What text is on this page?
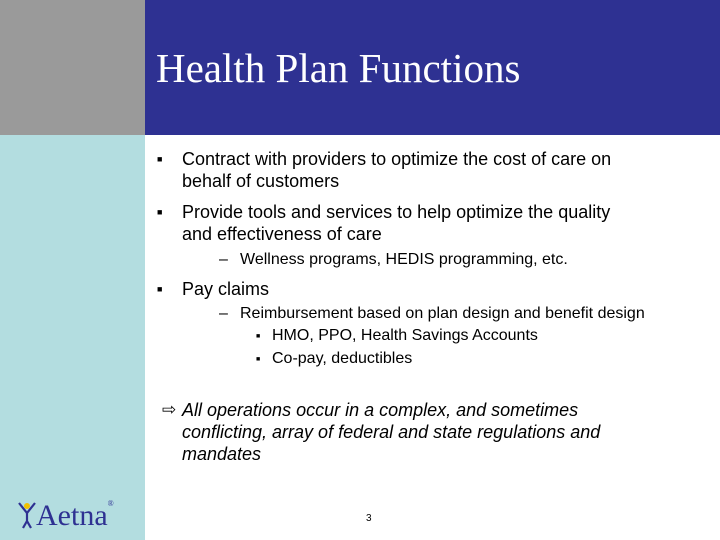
Health Plan Functions
■ Contract with providers to optimize the cost of care on
behalf of customers
■ Provide tools and services to help optimize the quality
and effectiveness of care
– Wellness programs, HEDIS programming, etc.
■ Pay claims
– Reimbursement based on plan design and benefit design
■ HMO, PPO, Health Savings Accounts
■ Co-pay, deductibles
⇨ All operations occur in a complex, and sometimes
conflicting, array of federal and state regulations and
mandates
Aetna®
3
